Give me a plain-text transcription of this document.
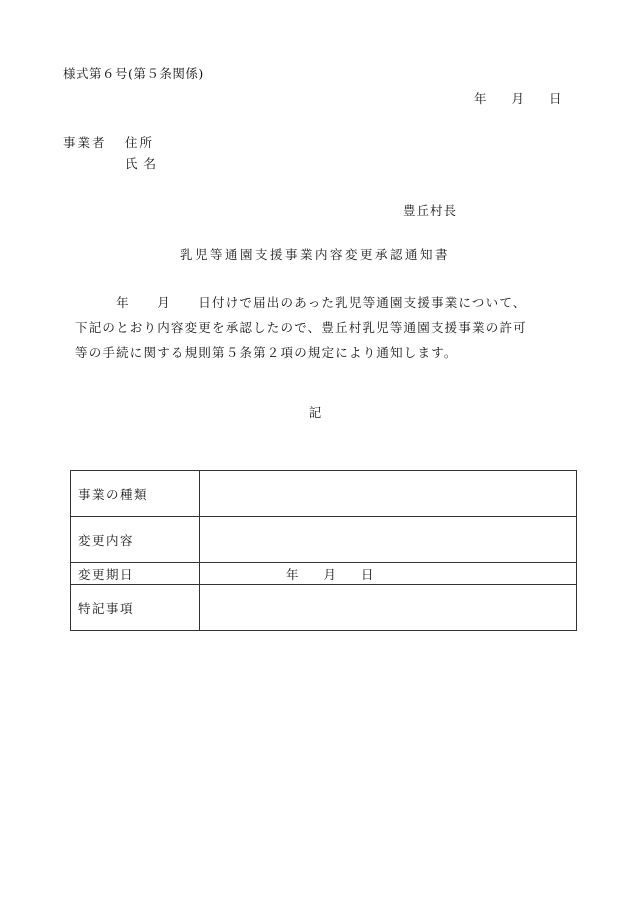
様式第６号(第５条関係)
年　　月　　日
事業者 住所
氏名
豊丘村長
乳児等通園支援事業内容変更承認通知書

　　　年　　月　　日付けで届出のあった乳児等通園支援事業について、

下記のとおり内容変更を承認したので、豊丘村乳児等通園支援事業の許可

等の手続に関する規則第５条第２項の規定により通知します。

記
事業の種類	
変更内容	
変更期日	年　　月　　日
特記事項	
